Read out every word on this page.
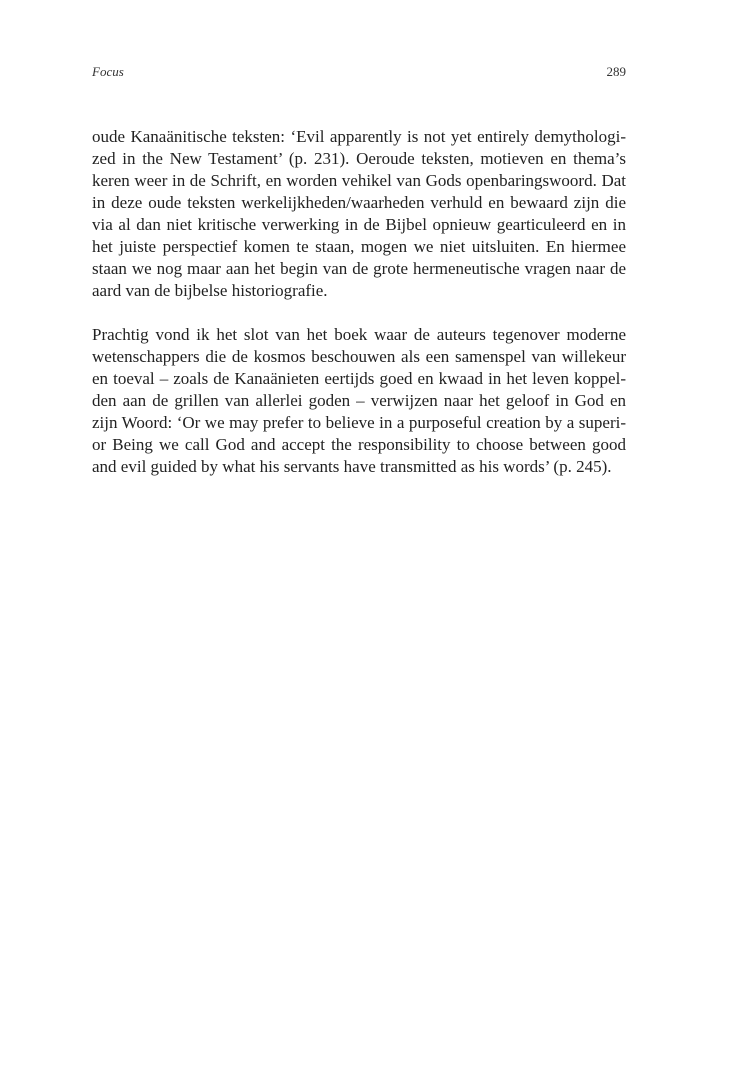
Focus	289
oude Kanaänitische teksten: ‘Evil apparently is not yet entirely demythologi-
zed in the New Testament’ (p. 231). Oeroude teksten, motieven en thema’s
keren weer in de Schrift, en worden vehikel van Gods openbaringswoord. Dat
in deze oude teksten werkelijkheden/waarheden verhuld en bewaard zijn die
via al dan niet kritische verwerking in de Bijbel opnieuw gearticuleerd en in
het juiste perspectief komen te staan, mogen we niet uitsluiten. En hiermee
staan we nog maar aan het begin van de grote hermeneutische vragen naar de
aard van de bijbelse historiografie.
Prachtig vond ik het slot van het boek waar de auteurs tegenover moderne
wetenschappers die de kosmos beschouwen als een samenspel van willekeur
en toeval – zoals de Kanaänieten eertijds goed en kwaad in het leven koppel-
den aan de grillen van allerlei goden – verwijzen naar het geloof in God en
zijn Woord: ‘Or we may prefer to believe in a purposeful creation by a superi-
or Being we call God and accept the responsibility to choose between good
and evil guided by what his servants have transmitted as his words’ (p. 245).
